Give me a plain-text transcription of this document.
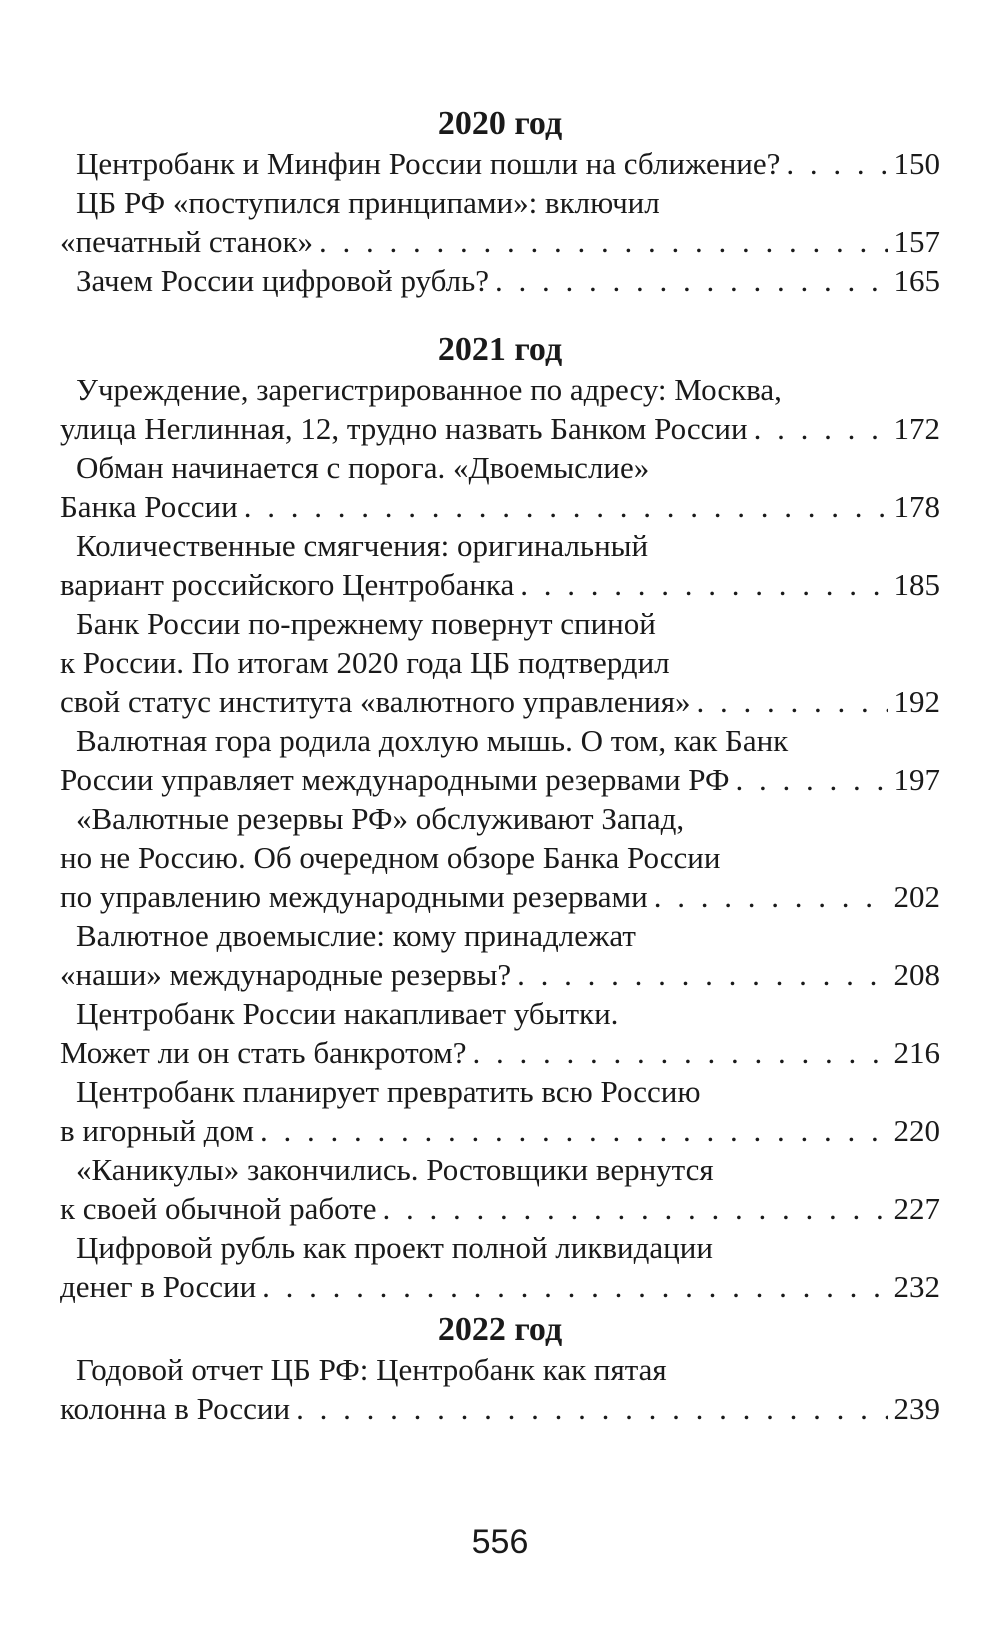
2020 год
Центробанк и Минфин России пошли на сближение? . . .	150
ЦБ РФ «поступился принципами»: включил
«печатный станок» . . .	157
Зачем России цифровой рубль? . . .	165
2021 год
Учреждение, зарегистрированное по адресу: Москва,
улица Неглинная, 12, трудно назвать Банком России . . .	172
Обман начинается с порога. «Двоемыслие»
Банка России . . .	178
Количественные смягчения: оригинальный
вариант российского Центробанка . . .	185
Банк России по-прежнему повернут спиной
к России. По итогам 2020 года ЦБ подтвердил
свой статус института «валютного управления» . . .	192
Валютная гора родила дохлую мышь. О том, как Банк
России управляет международными резервами РФ . . .	197
«Валютные резервы РФ» обслуживают Запад,
но не Россию. Об очередном обзоре Банка России
по управлению международными резервами . . .	202
Валютное двоемыслие: кому принадлежат
«наши» международные резервы? . . .	208
Центробанк России накапливает убытки.
Может ли он стать банкротом? . . .	216
Центробанк планирует превратить всю Россию
в игорный дом . . .	220
«Каникулы» закончились. Ростовщики вернутся
к своей обычной работе . . .	227
Цифровой рубль как проект полной ликвидации
денег в России . . .	232
2022 год
Годовой отчет ЦБ РФ: Центробанк как пятая
колонна в России . . .	239
556
